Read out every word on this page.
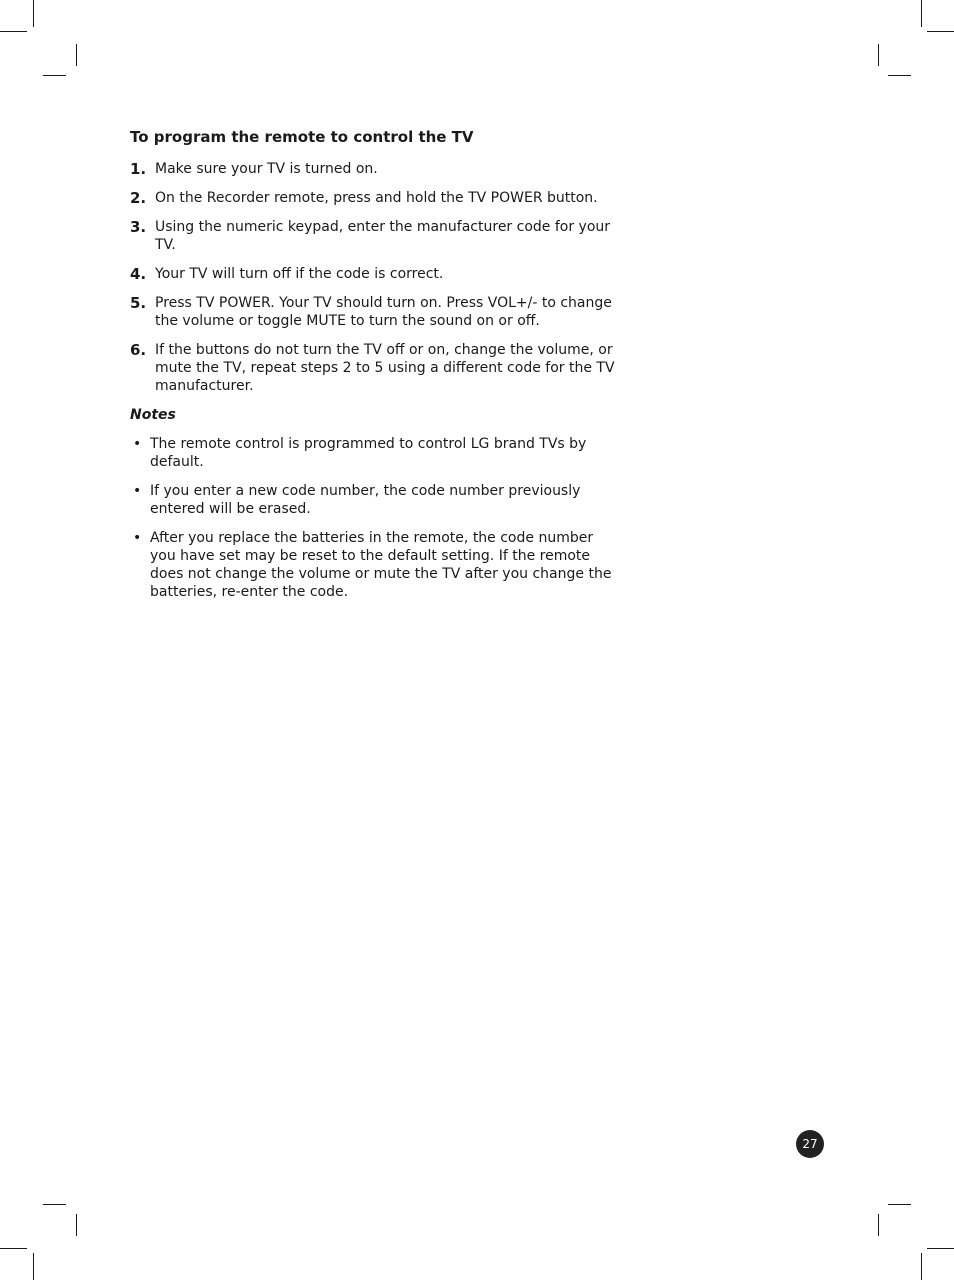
To program the remote to control the TV
1. Make sure your TV is turned on.
2. On the Recorder remote, press and hold the TV POWER button.
3. Using the numeric keypad, enter the manufacturer code for your TV.
4. Your TV will turn off if the code is correct.
5. Press TV POWER. Your TV should turn on. Press VOL+/- to change the volume or toggle MUTE to turn the sound on or off.
6. If the buttons do not turn the TV off or on, change the volume, or mute the TV, repeat steps 2 to 5 using a different code for the TV manufacturer.
Notes
• The remote control is programmed to control LG brand TVs by default.
• If you enter a new code number, the code number previously entered will be erased.
• After you replace the batteries in the remote, the code number you have set may be reset to the default setting. If the remote does not change the volume or mute the TV after you change the batteries, re-enter the code.
27
